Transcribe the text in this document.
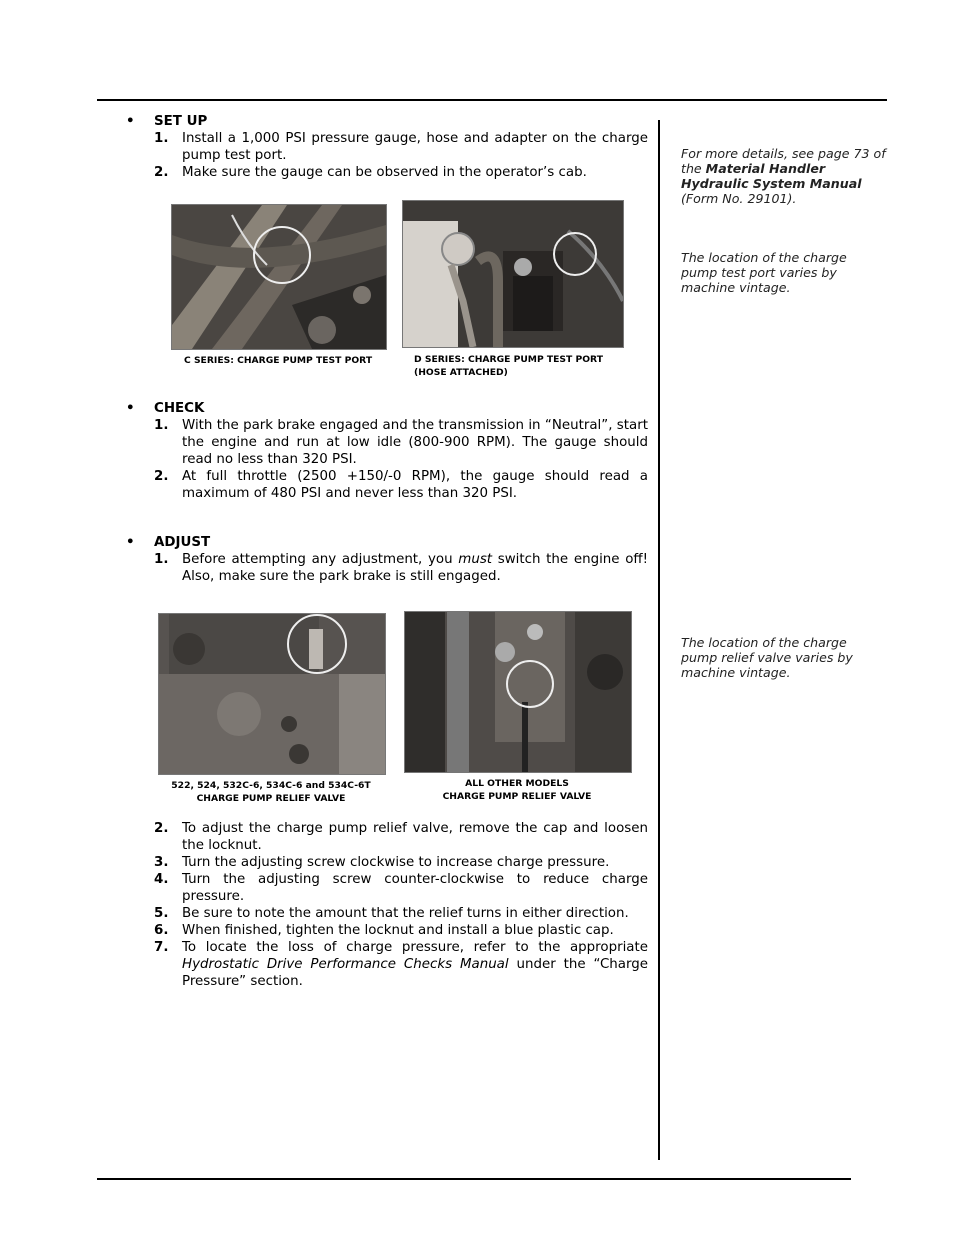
• SET UP
1. Install a 1,000 PSI pressure gauge, hose and adapter on the charge pump test port.
2. Make sure the gauge can be observed in the operator’s cab.
C SERIES: CHARGE PUMP TEST PORT	D SERIES: CHARGE PUMP TEST PORT
(HOSE ATTACHED)
• CHECK
1. With the park brake engaged and the transmission in “Neutral”, start the engine and run at low idle (800-900 RPM). The gauge should read no less than 320 PSI.
2. At full throttle (2500 +150/-0 RPM), the gauge should read a maximum of 480 PSI and never less than 320 PSI.
• ADJUST
1. Before attempting any adjustment, you must switch the engine off! Also, make sure the park brake is still engaged.
522, 524, 532C-6, 534C-6 and 534C-6T
CHARGE PUMP RELIEF VALVE
ALL OTHER MODELS
CHARGE PUMP RELIEF VALVE
2. To adjust the charge pump relief valve, remove the cap and loosen the locknut.
3. Turn the adjusting screw clockwise to increase charge pressure.
4. Turn the adjusting screw counter-clockwise to reduce charge pressure.
5. Be sure to note the amount that the relief turns in either direction.
6. When finished, tighten the locknut and install a blue plastic cap.
7. To locate the loss of charge pressure, refer to the appropriate Hydrostatic Drive Performance Checks Manual under the “Charge Pressure” section.
For more details, see page 73 of the Material Handler Hydraulic System Manual (Form No. 29101).
The location of the charge pump test port varies by machine vintage.
The location of the charge pump relief valve varies by machine vintage.
